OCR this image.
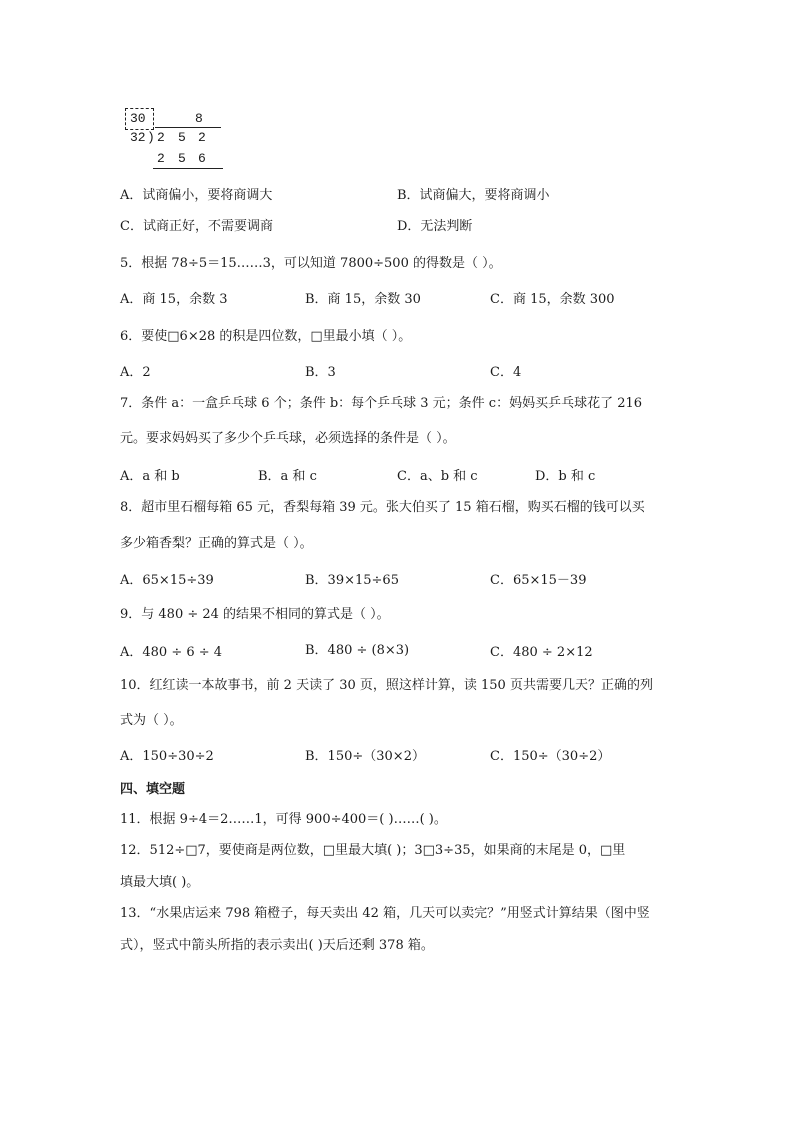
30	8
32 ) 2 5 2
2 5 6
A．试商偏小，要将商调大	B．试商偏大，要将商调小
C．试商正好，不需要调商	D．无法判断
5．根据 78÷5＝15……3，可以知道 7800÷500 的得数是（ ）。
A．商 15，余数 3	B．商 15，余数 30	C．商 15，余数 300
6．要使□6×28 的积是四位数，□里最小填（ ）。
A．2	B．3	C．4
7．条件 a：一盒乒乓球 6 个；条件 b：每个乒乓球 3 元；条件 c：妈妈买乒乓球花了 216
元。要求妈妈买了多少个乒乓球，必须选择的条件是（ ）。
A．a 和 b	B．a 和 c	C．a、b 和 c	D．b 和 c
8．超市里石榴每箱 65 元，香梨每箱 39 元。张大伯买了 15 箱石榴，购买石榴的钱可以买
多少箱香梨？正确的算式是（ ）。
A．65×15÷39	B．39×15÷65	C．65×15－39
9．与 480 ÷ 24 的结果不相同的算式是（ ）。
A．480 ÷ 6 ÷ 4	B．480 ÷ (8×3)	C．480 ÷ 2×12
10．红红读一本故事书，前 2 天读了 30 页，照这样计算，读 150 页共需要几天？正确的列
式为（ ）。
A．150÷30÷2	B．150÷（30×2）	C．150÷（30÷2）
四、填空题
11．根据 9÷4＝2……1，可得 900÷400＝( )……( )。
12．512÷□7，要使商是两位数，□里最大填( )；3□3÷35，如果商的末尾是 0，□里
填最大填( )。
13．“水果店运来 798 箱橙子，每天卖出 42 箱，几天可以卖完？”用竖式计算结果（图中竖
式），竖式中箭头所指的表示卖出( )天后还剩 378 箱。
